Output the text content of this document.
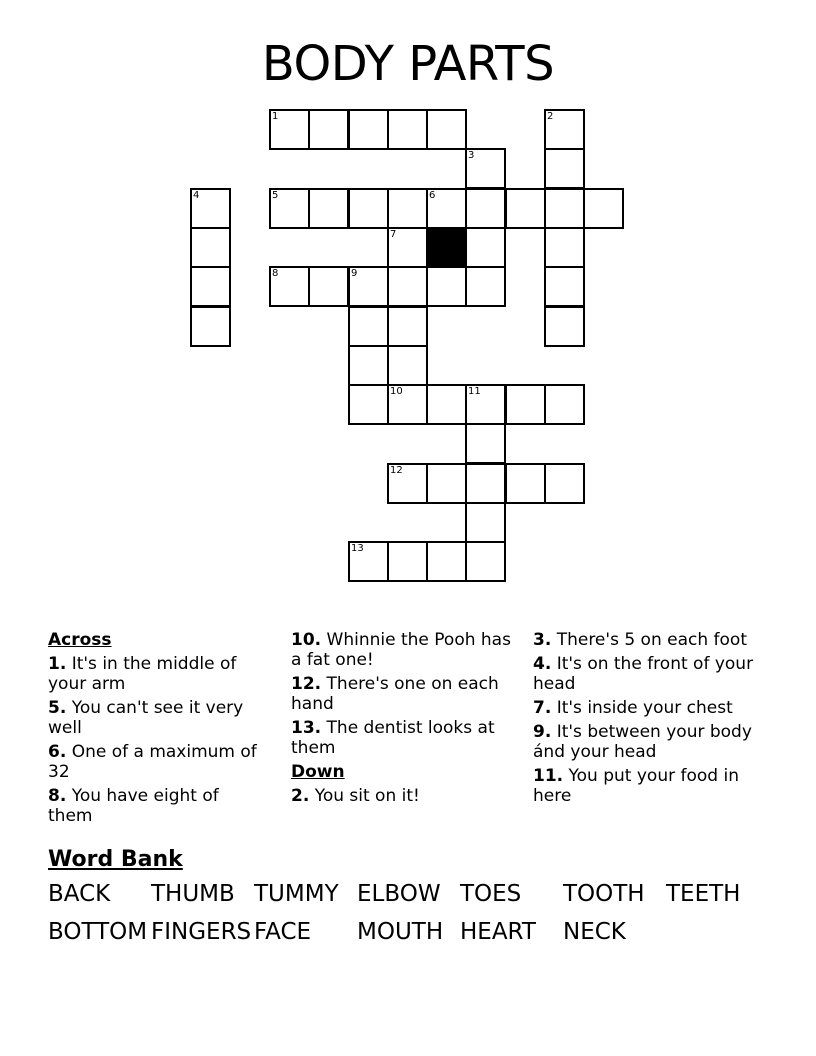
BODY PARTS
1	2
3
4	5	6
7
8	9
10	11
12
13
Across
1. It's in the middle of your arm
5. You can't see it very well
6. One of a maximum of 32
8. You have eight of them
10. Whinnie the Pooh has a fat one!
12. There's one on each hand
13. The dentist looks at them
Down
2. You sit on it!
3. There's 5 on each foot
4. It's on the front of your head
7. It's inside your chest
9. It's between your body ánd your head
11. You put your food in here
Word Bank
BACK	THUMB TUMMY ELBOW TOES	TOOTH TEETH
BOTTOM FINGERS FACE	MOUTH HEART	NECK
